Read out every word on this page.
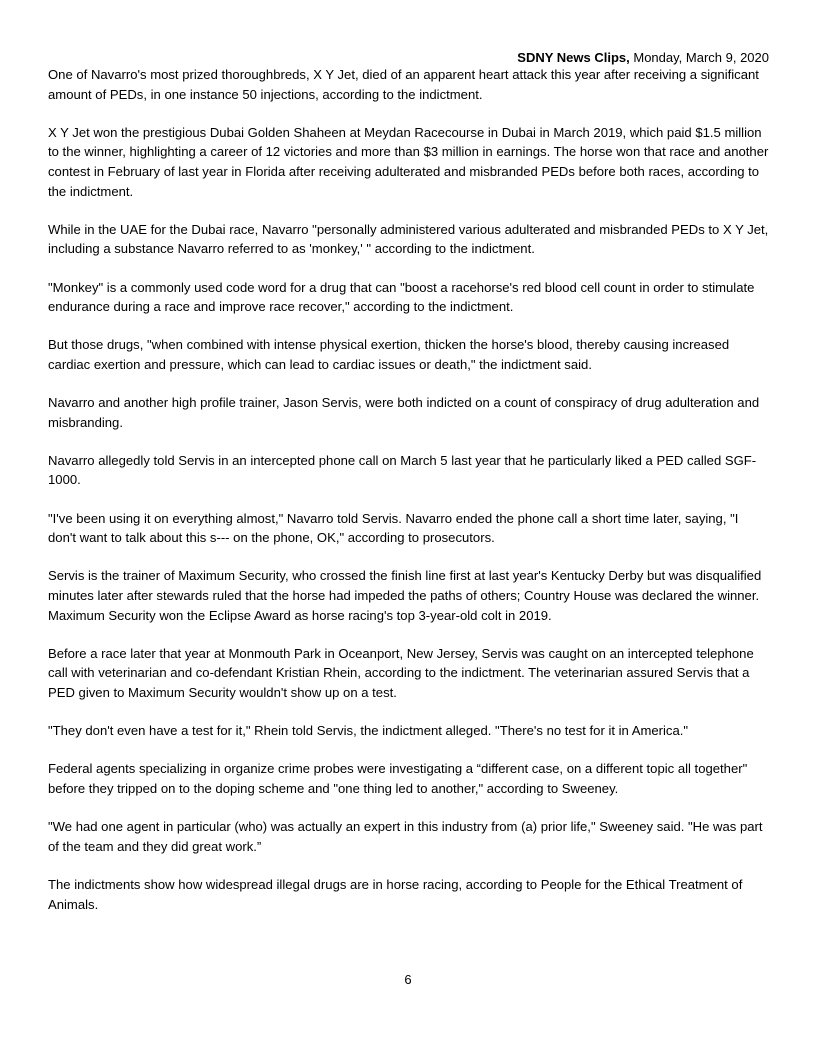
SDNY News Clips, Monday, March 9, 2020

One of Navarro's most prized thoroughbreds, X Y Jet, died of an apparent heart attack this year after receiving a significant amount of PEDs, in one instance 50 injections, according to the indictment.

X Y Jet won the prestigious Dubai Golden Shaheen at Meydan Racecourse in Dubai in March 2019, which paid $1.5 million to the winner, highlighting a career of 12 victories and more than $3 million in earnings. The horse won that race and another contest in February of last year in Florida after receiving adulterated and misbranded PEDs before both races, according to the indictment.

While in the UAE for the Dubai race, Navarro "personally administered various adulterated and misbranded PEDs to X Y Jet, including a substance Navarro referred to as 'monkey,' " according to the indictment.

"Monkey" is a commonly used code word for a drug that can "boost a racehorse's red blood cell count in order to stimulate endurance during a race and improve race recover," according to the indictment.

But those drugs, "when combined with intense physical exertion, thicken the horse's blood, thereby causing increased cardiac exertion and pressure, which can lead to cardiac issues or death," the indictment said.

Navarro and another high profile trainer, Jason Servis, were both indicted on a count of conspiracy of drug adulteration and misbranding.

Navarro allegedly told Servis in an intercepted phone call on March 5 last year that he particularly liked a PED called SGF-1000.

"I've been using it on everything almost," Navarro told Servis. Navarro ended the phone call a short time later, saying, "I don't want to talk about this s--- on the phone, OK," according to prosecutors.

Servis is the trainer of Maximum Security, who crossed the finish line first at last year's Kentucky Derby but was disqualified minutes later after stewards ruled that the horse had impeded the paths of others; Country House was declared the winner. Maximum Security won the Eclipse Award as horse racing's top 3-year-old colt in 2019.

Before a race later that year at Monmouth Park in Oceanport, New Jersey, Servis was caught on an intercepted telephone call with veterinarian and co-defendant Kristian Rhein, according to the indictment. The veterinarian assured Servis that a PED given to Maximum Security wouldn't show up on a test.

"They don't even have a test for it," Rhein told Servis, the indictment alleged. "There's no test for it in America."

Federal agents specializing in organize crime probes were investigating a “different case, on a different topic all together" before they tripped on to the doping scheme and "one thing led to another," according to Sweeney.

"We had one agent in particular (who) was actually an expert in this industry from (a) prior life," Sweeney said. "He was part of the team and they did great work.”

The indictments show how widespread illegal drugs are in horse racing, according to People for the Ethical Treatment of Animals.

6
